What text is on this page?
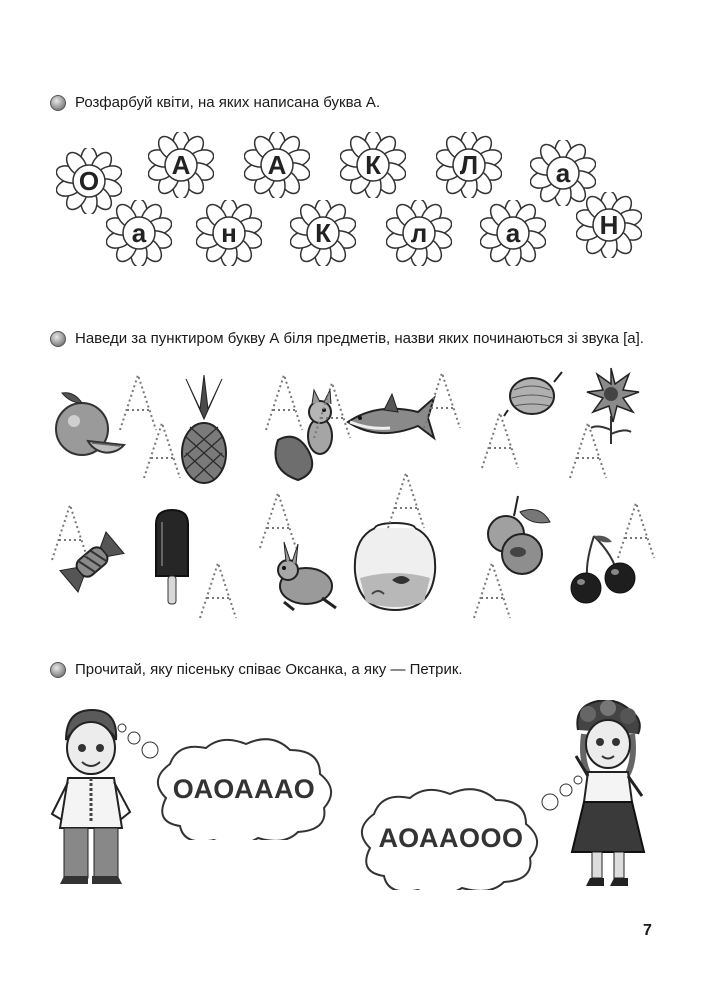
Розфарбуй квіти, на яких написана буква А.
О
А	А	К	Л	а
а	н	К	л	а	Н
Наведи за пунктиром букву А біля предметів, назви яких починаються зі звука [а].
Прочитай, яку пісеньку співає Оксанка, а яку — Петрик.
ОАОАААО
АОАAООО
7
